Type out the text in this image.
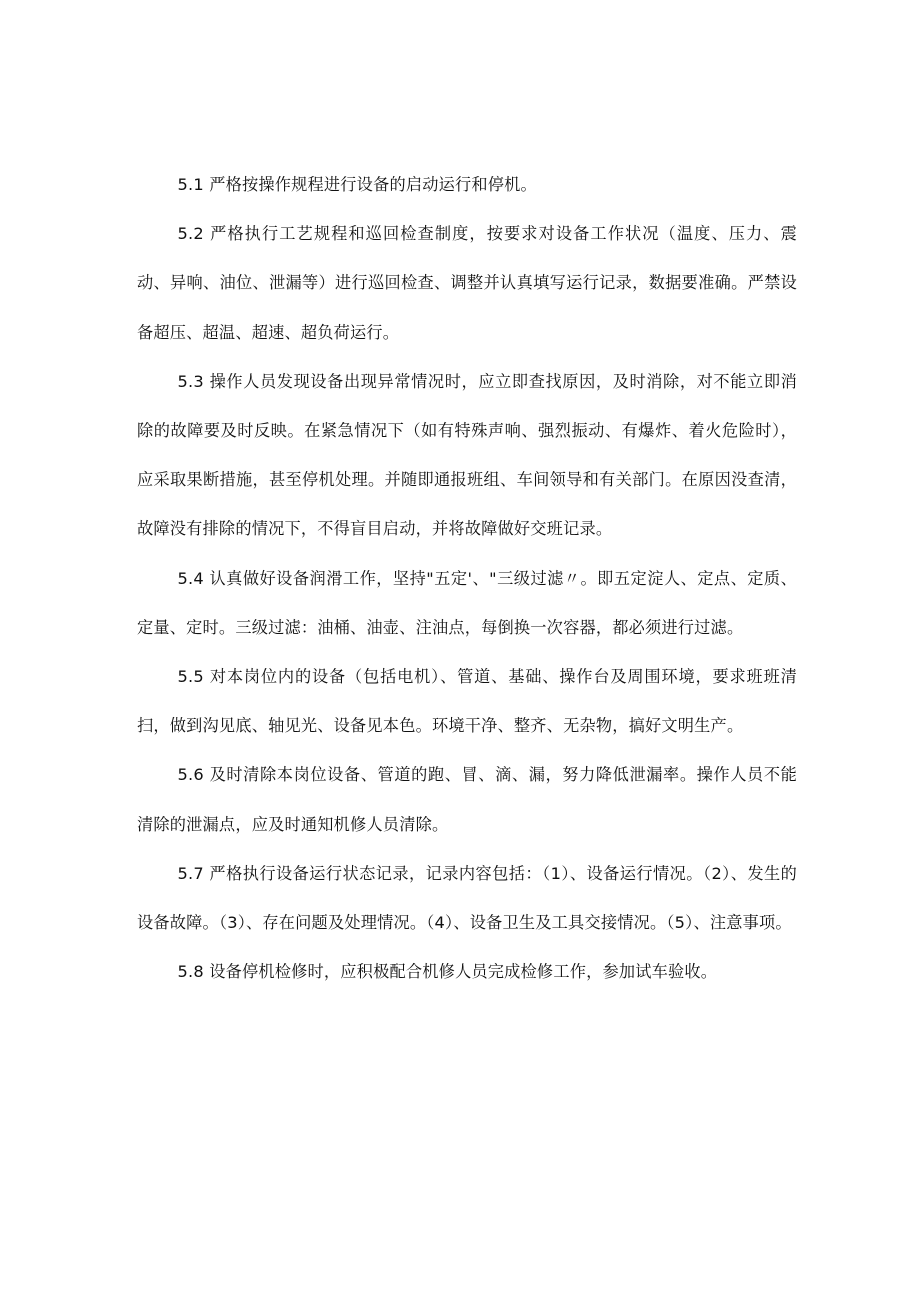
5.1 严格按操作规程进行设备的启动运行和停机。

5.2 严格执行工艺规程和巡回检查制度，按要求对设备工作状况（温度、压力、震动、异响、油位、泄漏等）进行巡回检查、调整并认真填写运行记录，数据要准确。严禁设备超压、超温、超速、超负荷运行。

5.3 操作人员发现设备出现异常情况时，应立即查找原因，及时消除，对不能立即消除的故障要及时反映。在紧急情况下（如有特殊声响、强烈振动、有爆炸、着火危险时），应采取果断措施，甚至停机处理。并随即通报班组、车间领导和有关部门。在原因没查清，故障没有排除的情况下，不得盲目启动，并将故障做好交班记录。

5.4 认真做好设备润滑工作，坚持"五定'、"三级过滤〃。即五定淀人、定点、定质、定量、定时。三级过滤：油桶、油壶、注油点，每倒换一次容器，都必须进行过滤。

5.5 对本岗位内的设备（包括电机）、管道、基础、操作台及周围环境，要求班班清扫，做到沟见底、轴见光、设备见本色。环境干净、整齐、无杂物，搞好文明生产。

5.6 及时清除本岗位设备、管道的跑、冒、滴、漏，努力降低泄漏率。操作人员不能清除的泄漏点，应及时通知机修人员清除。

5.7 严格执行设备运行状态记录，记录内容包括：（1）、设备运行情况。（2）、发生的设备故障。（3）、存在问题及处理情况。（4）、设备卫生及工具交接情况。（5）、注意事项。

5.8 设备停机检修时，应积极配合机修人员完成检修工作，参加试车验收。
